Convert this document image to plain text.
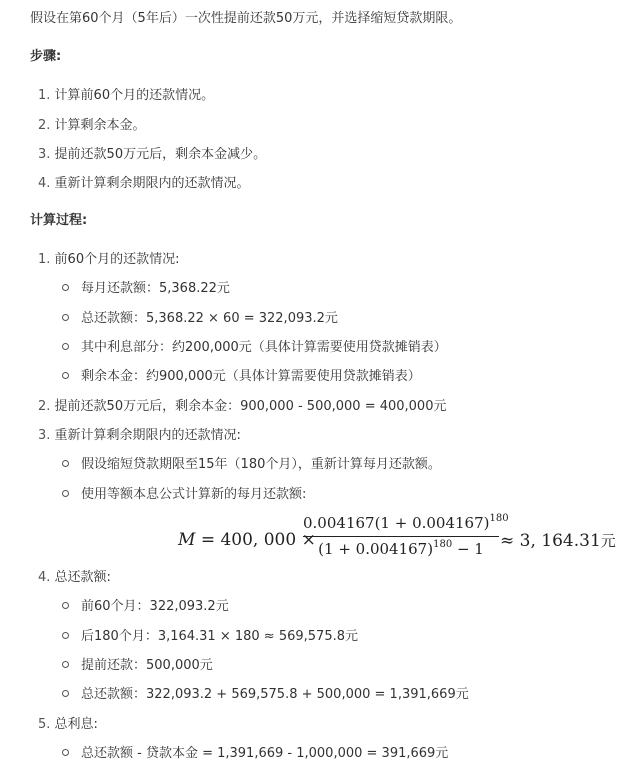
假设在第60个月（5年后）一次性提前还款50万元，并选择缩短贷款期限。
步骤:
1. 计算前60个月的还款情况。
2. 计算剩余本金。
3. 提前还款50万元后，剩余本金减少。
4. 重新计算剩余期限内的还款情况。
计算过程:
1. 前60个月的还款情况:
每月还款额：5,368.22元
总还款额：5,368.22 × 60 = 322,093.2元
其中利息部分：约200,000元（具体计算需要使用贷款摊销表）
剩余本金：约900,000元（具体计算需要使用贷款摊销表）
2. 提前还款50万元后，剩余本金：900,000 - 500,000 = 400,000元
3. 重新计算剩余期限内的还款情况:
假设缩短贷款期限至15年（180个月），重新计算每月还款额。
使用等额本息公式计算新的每月还款额:
M = 400, 000 ×
$0.004167(1 + 0.004167)^{180}$
$(1 + 0.004167)^{180} - 1 \approx 3$, 164.31元
4. 总还款额:
前60个月：322,093.2元
后180个月：3,164.31 × 180 ≈ 569,575.8元
提前还款：500,000元
总还款额：322,093.2 + 569,575.8 + 500,000 = 1,391,669元
5. 总利息:
总还款额 - 贷款本金 = 1,391,669 - 1,000,000 = 391,669元
